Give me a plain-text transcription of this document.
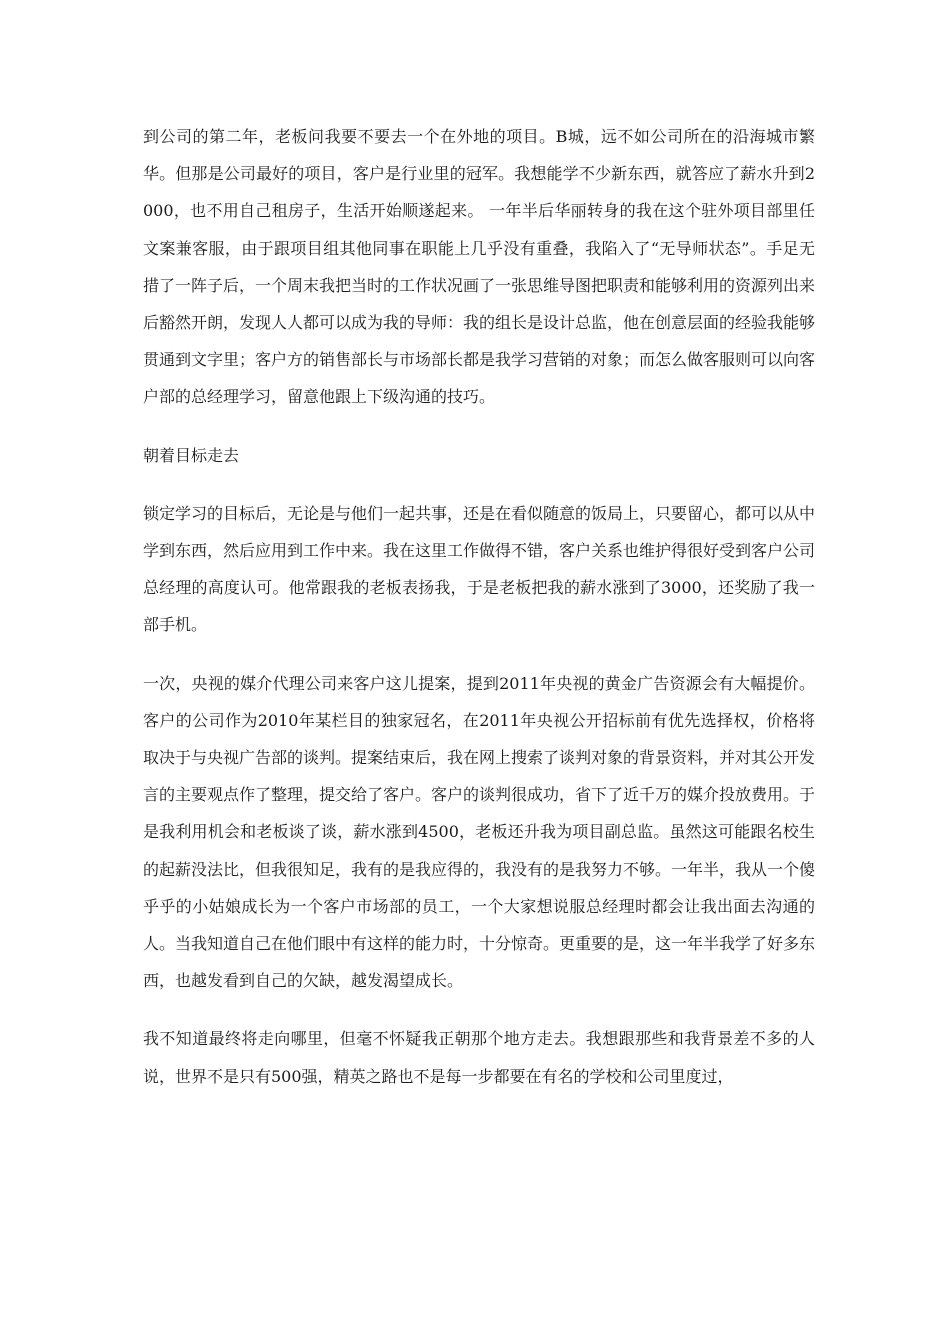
到公司的第二年，老板问我要不要去一个在外地的项目。B城，远不如公司所在的沿海城市繁华。但那是公司最好的项目，客户是行业里的冠军。我想能学不少新东西，就答应了薪水升到2000，也不用自己租房子，生活开始顺遂起来。 一年半后华丽转身的我在这个驻外项目部里任文案兼客服，由于跟项目组其他同事在职能上几乎没有重叠，我陷入了“无导师状态”。手足无措了一阵子后，一个周末我把当时的工作状况画了一张思维导图把职责和能够利用的资源列出来后豁然开朗，发现人人都可以成为我的导师：我的组长是设计总监，他在创意层面的经验我能够贯通到文字里；客户方的销售部长与市场部长都是我学习营销的对象；而怎么做客服则可以向客户部的总经理学习，留意他跟上下级沟通的技巧。

朝着目标走去

锁定学习的目标后，无论是与他们一起共事，还是在看似随意的饭局上，只要留心，都可以从中学到东西，然后应用到工作中来。我在这里工作做得不错，客户关系也维护得很好受到客户公司总经理的高度认可。他常跟我的老板表扬我，于是老板把我的薪水涨到了3000，还奖励了我一部手机。

一次，央视的媒介代理公司来客户这儿提案，提到2011年央视的黄金广告资源会有大幅提价。客户的公司作为2010年某栏目的独家冠名，在2011年央视公开招标前有优先选择权，价格将取决于与央视广告部的谈判。提案结束后，我在网上搜索了谈判对象的背景资料，并对其公开发言的主要观点作了整理，提交给了客户。客户的谈判很成功，省下了近千万的媒介投放费用。于是我利用机会和老板谈了谈，薪水涨到4500，老板还升我为项目副总监。虽然这可能跟名校生的起薪没法比，但我很知足，我有的是我应得的，我没有的是我努力不够。一年半，我从一个傻乎乎的小姑娘成长为一个客户市场部的员工，一个大家想说服总经理时都会让我出面去沟通的人。当我知道自己在他们眼中有这样的能力时，十分惊奇。更重要的是，这一年半我学了好多东西，也越发看到自己的欠缺，越发渴望成长。

我不知道最终将走向哪里，但毫不怀疑我正朝那个地方走去。我想跟那些和我背景差不多的人说，世界不是只有500强，精英之路也不是每一步都要在有名的学校和公司里度过，
